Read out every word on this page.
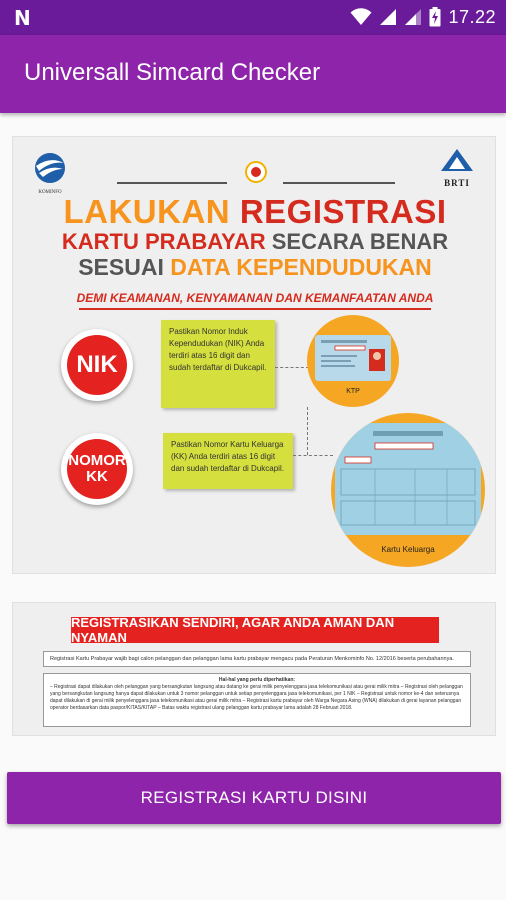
N	17.22
Universall Simcard Checker
KOMINFO
BRTI
LAKUKAN REGISTRASI
KARTU PRABAYAR SECARA BENAR
SESUAI DATA KEPENDUDUKAN
DEMI KEAMANAN, KENYAMANAN DAN KEMANFAATAN ANDA
NIK
NOMOR KK
Pastikan Nomor Induk Kependudukan (NIK) Anda terdiri atas 16 digit dan sudah terdaftar di Dukcapil.
Pastikan Nomor Kartu Keluarga (KK) Anda terdiri atas 16 digit dan sudah terdaftar di Dukcapil.
KTP
Kartu Keluarga
REGISTRASIKAN SENDIRI, AGAR ANDA AMAN DAN NYAMAN
Registrasi Kartu Prabayar wajib bagi calon pelanggan dan pelanggan lama kartu prabayar mengacu pada Peraturan Menkominfo No. 12/2016 beserta perubahannya.
Hal-hal yang perlu diperhatikan:
– Registrasi dapat dilakukan oleh pelanggan yang bersangkutan langsung atau datang ke gerai milik penyelenggara jasa telekomunikasi atau gerai milik mitra – Registrasi oleh pelanggan yang bersangkutan langsung hanya dapat dilakukan untuk 3 nomor pelanggan untuk setiap penyelenggara jasa telekomunikasi, per 1 NIK – Registrasi untuk nomor ke-4 dan seterusnya dapat dilakukan di gerai milik penyelenggara jasa telekomunikasi atau gerai milik mitra – Registrasi kartu prabayar oleh Warga Negara Asing (WNA) dilakukan di gerai layanan pelanggan operator berdasarkan data paspor/KITAS/KITAP – Batas waktu registrasi ulang pelanggan kartu prabayar lama adalah 28 Februari 2018.
REGISTRASI KARTU DISINI
